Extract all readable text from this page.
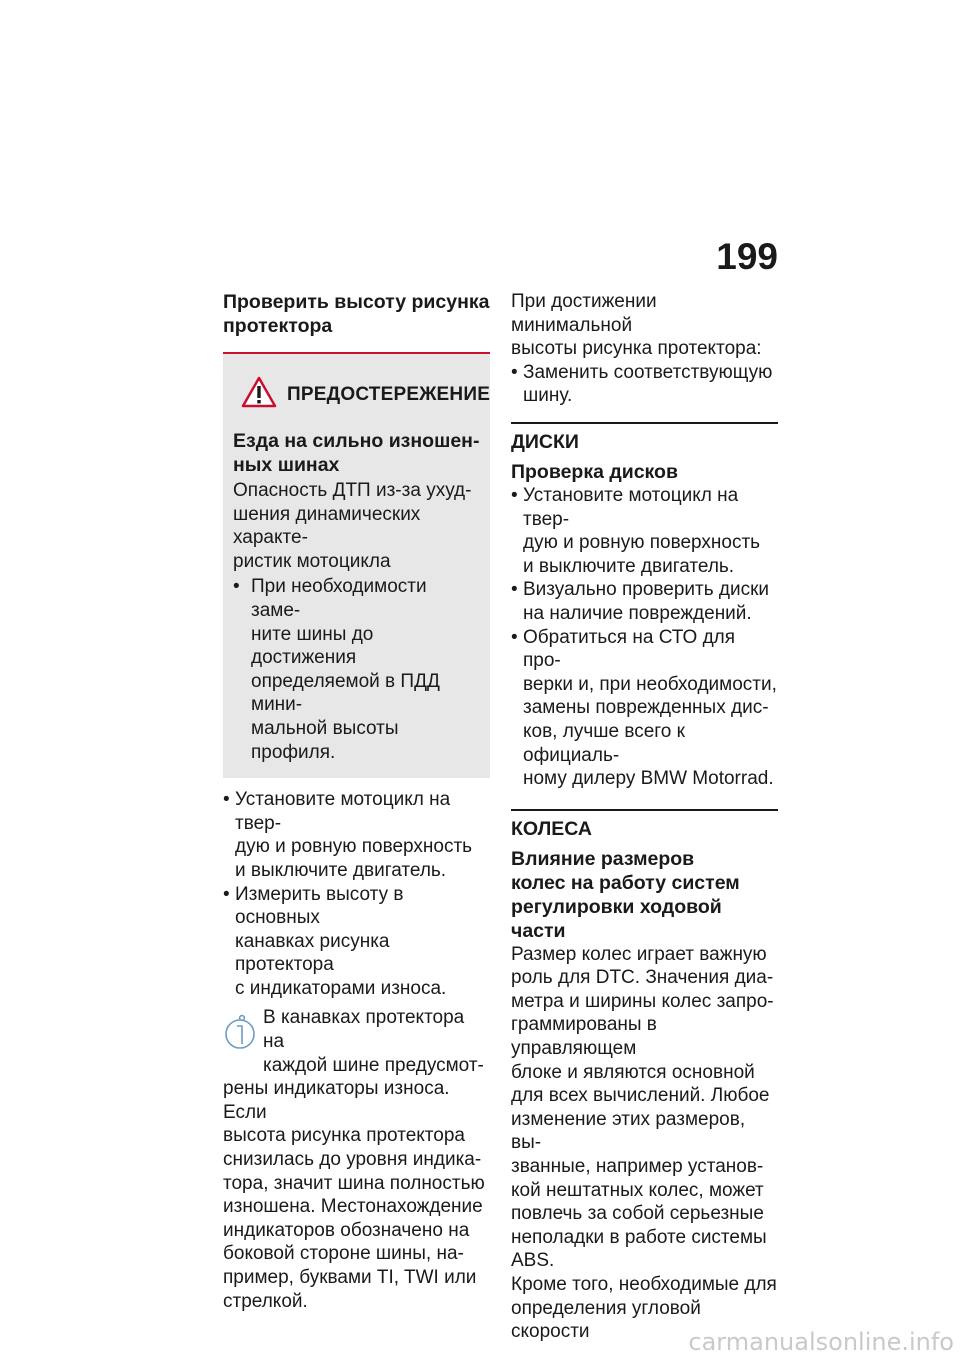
199

Проверить высоту рисунка
протектора

ПРЕДОСТЕРЕЖЕНИЕ

Езда на сильно изношен-
ных шинах

Опасность ДТП из-за ухуд-
шения динамических характе-
ристик мотоцикла

• При необходимости заме-
ните шины до достижения
определяемой в ПДД мини-
мальной высоты профиля.
• Установите мотоцикл на твер-
дую и ровную поверхность
и выключите двигатель.
• Измерить высоту в основных
канавках рисунка протектора
с индикаторами износа.

В канавках протектора на
каждой шине предусмот-

рены индикаторы износа. Если
высота рисунка протектора
снизилась до уровня индика-
тора, значит шина полностью
изношена. Местонахождение
индикаторов обозначено на
боковой стороне шины, на-
пример, буквами TI, TWI или
стрелкой.

При достижении минимальной
высоты рисунка протектора:

• Заменить соответствующую
шину.

ДИСКИ

Проверка дисков

• Установите мотоцикл на твер-
дую и ровную поверхность
и выключите двигатель.
• Визуально проверить диски
на наличие повреждений.
• Обратиться на СТО для про-
верки и, при необходимости,
замены поврежденных дис-
ков, лучше всего к официаль-
ному дилеру BMW Motorrad.

КОЛЕСА

Влияние размеров
колес на работу систем
регулировки ходовой части

Размер колес играет важную
роль для DTC. Значения диа-
метра и ширины колес запро-
граммированы в управляющем
блоке и являются основной
для всех вычислений. Любое
изменение этих размеров, вы-
званные, например установ-
кой нештатных колес, может
повлечь за собой серьезные
неполадки в работе системы
ABS.

Кроме того, необходимые для
определения угловой скорости	carmanualsonline.info
